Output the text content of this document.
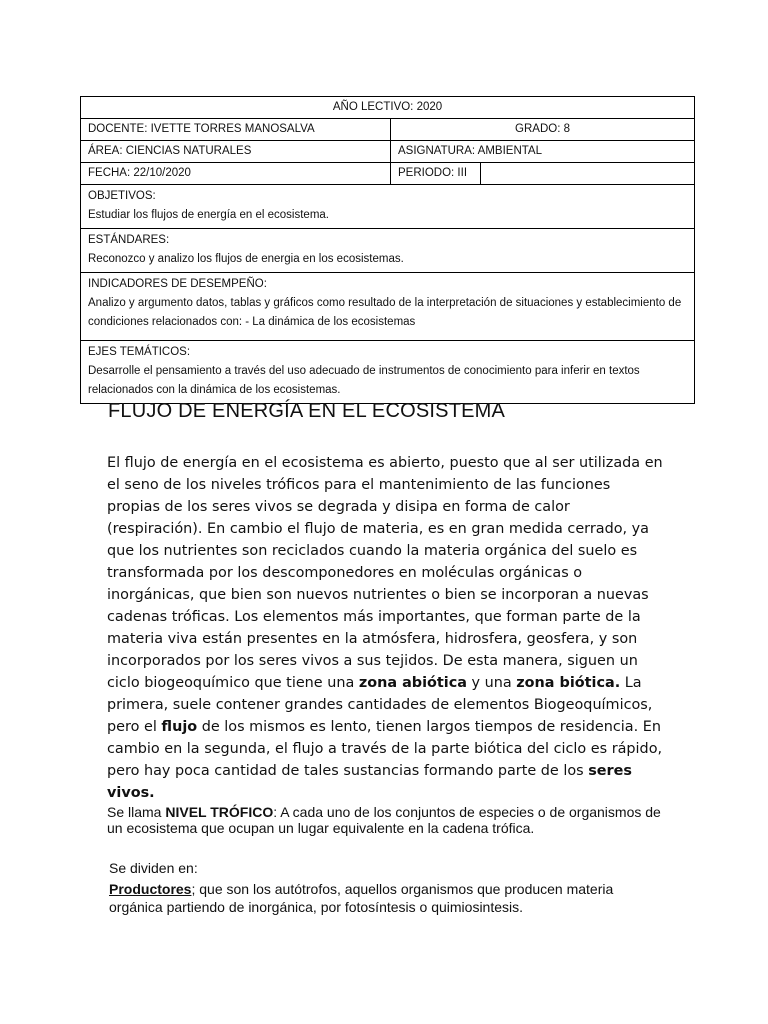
AÑO LECTIVO: 2020		
DOCENTE: IVETTE TORRES MANOSALVA	GRADO: 8	
ÁREA: CIENCIAS NATURALES	ASIGNATURA: AMBIENTAL	
FECHA: 22/10/2020	PERIODO: III	

OBJETIVOS:
Estudiar los flujos de energía en el ecosistema.		

ESTÁNDARES:
Reconozco y analizo los flujos de energia en los ecosistemas.		

INDICADORES DE DESEMPEÑO:
Analizo y argumento datos, tablas y gráficos como resultado de la interpretación de situaciones y establecimiento de condiciones relacionados con: - La dinámica de los ecosistemas		

EJES TEMÁTICOS:
Desarrolle el pensamiento a través del uso adecuado de instrumentos de conocimiento para inferir en textos relacionados con la dinámica de los ecosistemas.		
FLUJO DE ENERGÍA EN EL ECOSISTEMA

El flujo de energía en el ecosistema es abierto, puesto que al ser utilizada en el seno de los niveles tróficos para el mantenimiento de las funciones propias de los seres vivos se degrada y disipa en forma de calor (respiración). En cambio el flujo de materia, es en gran medida cerrado, ya que los nutrientes son reciclados cuando la materia orgánica del suelo es transformada por los descomponedores en moléculas orgánicas o inorgánicas, que bien son nuevos nutrientes o bien se incorporan a nuevas cadenas tróficas. Los elementos más importantes, que forman parte de la materia viva están presentes en la atmósfera, hidrosfera, geosfera, y son incorporados por los seres vivos a sus tejidos. De esta manera, siguen un ciclo biogeoquímico que tiene una zona abiótica y una zona biótica. La primera, suele contener grandes cantidades de elementos Biogeoquímicos, pero el flujo de los mismos es lento, tienen largos tiempos de residencia. En cambio en la segunda, el flujo a través de la parte biótica del ciclo es rápido, pero hay poca cantidad de tales sustancias formando parte de los seres vivos.

Se llama NIVEL TRÓFICO: A cada uno de los conjuntos de especies o de organismos de un ecosistema que ocupan un lugar equivalente en la cadena trófica.

Se dividen en:

Productores; que son los autótrofos, aquellos organismos que producen materia orgánica partiendo de inorgánica, por fotosíntesis o quimiosintesis.
